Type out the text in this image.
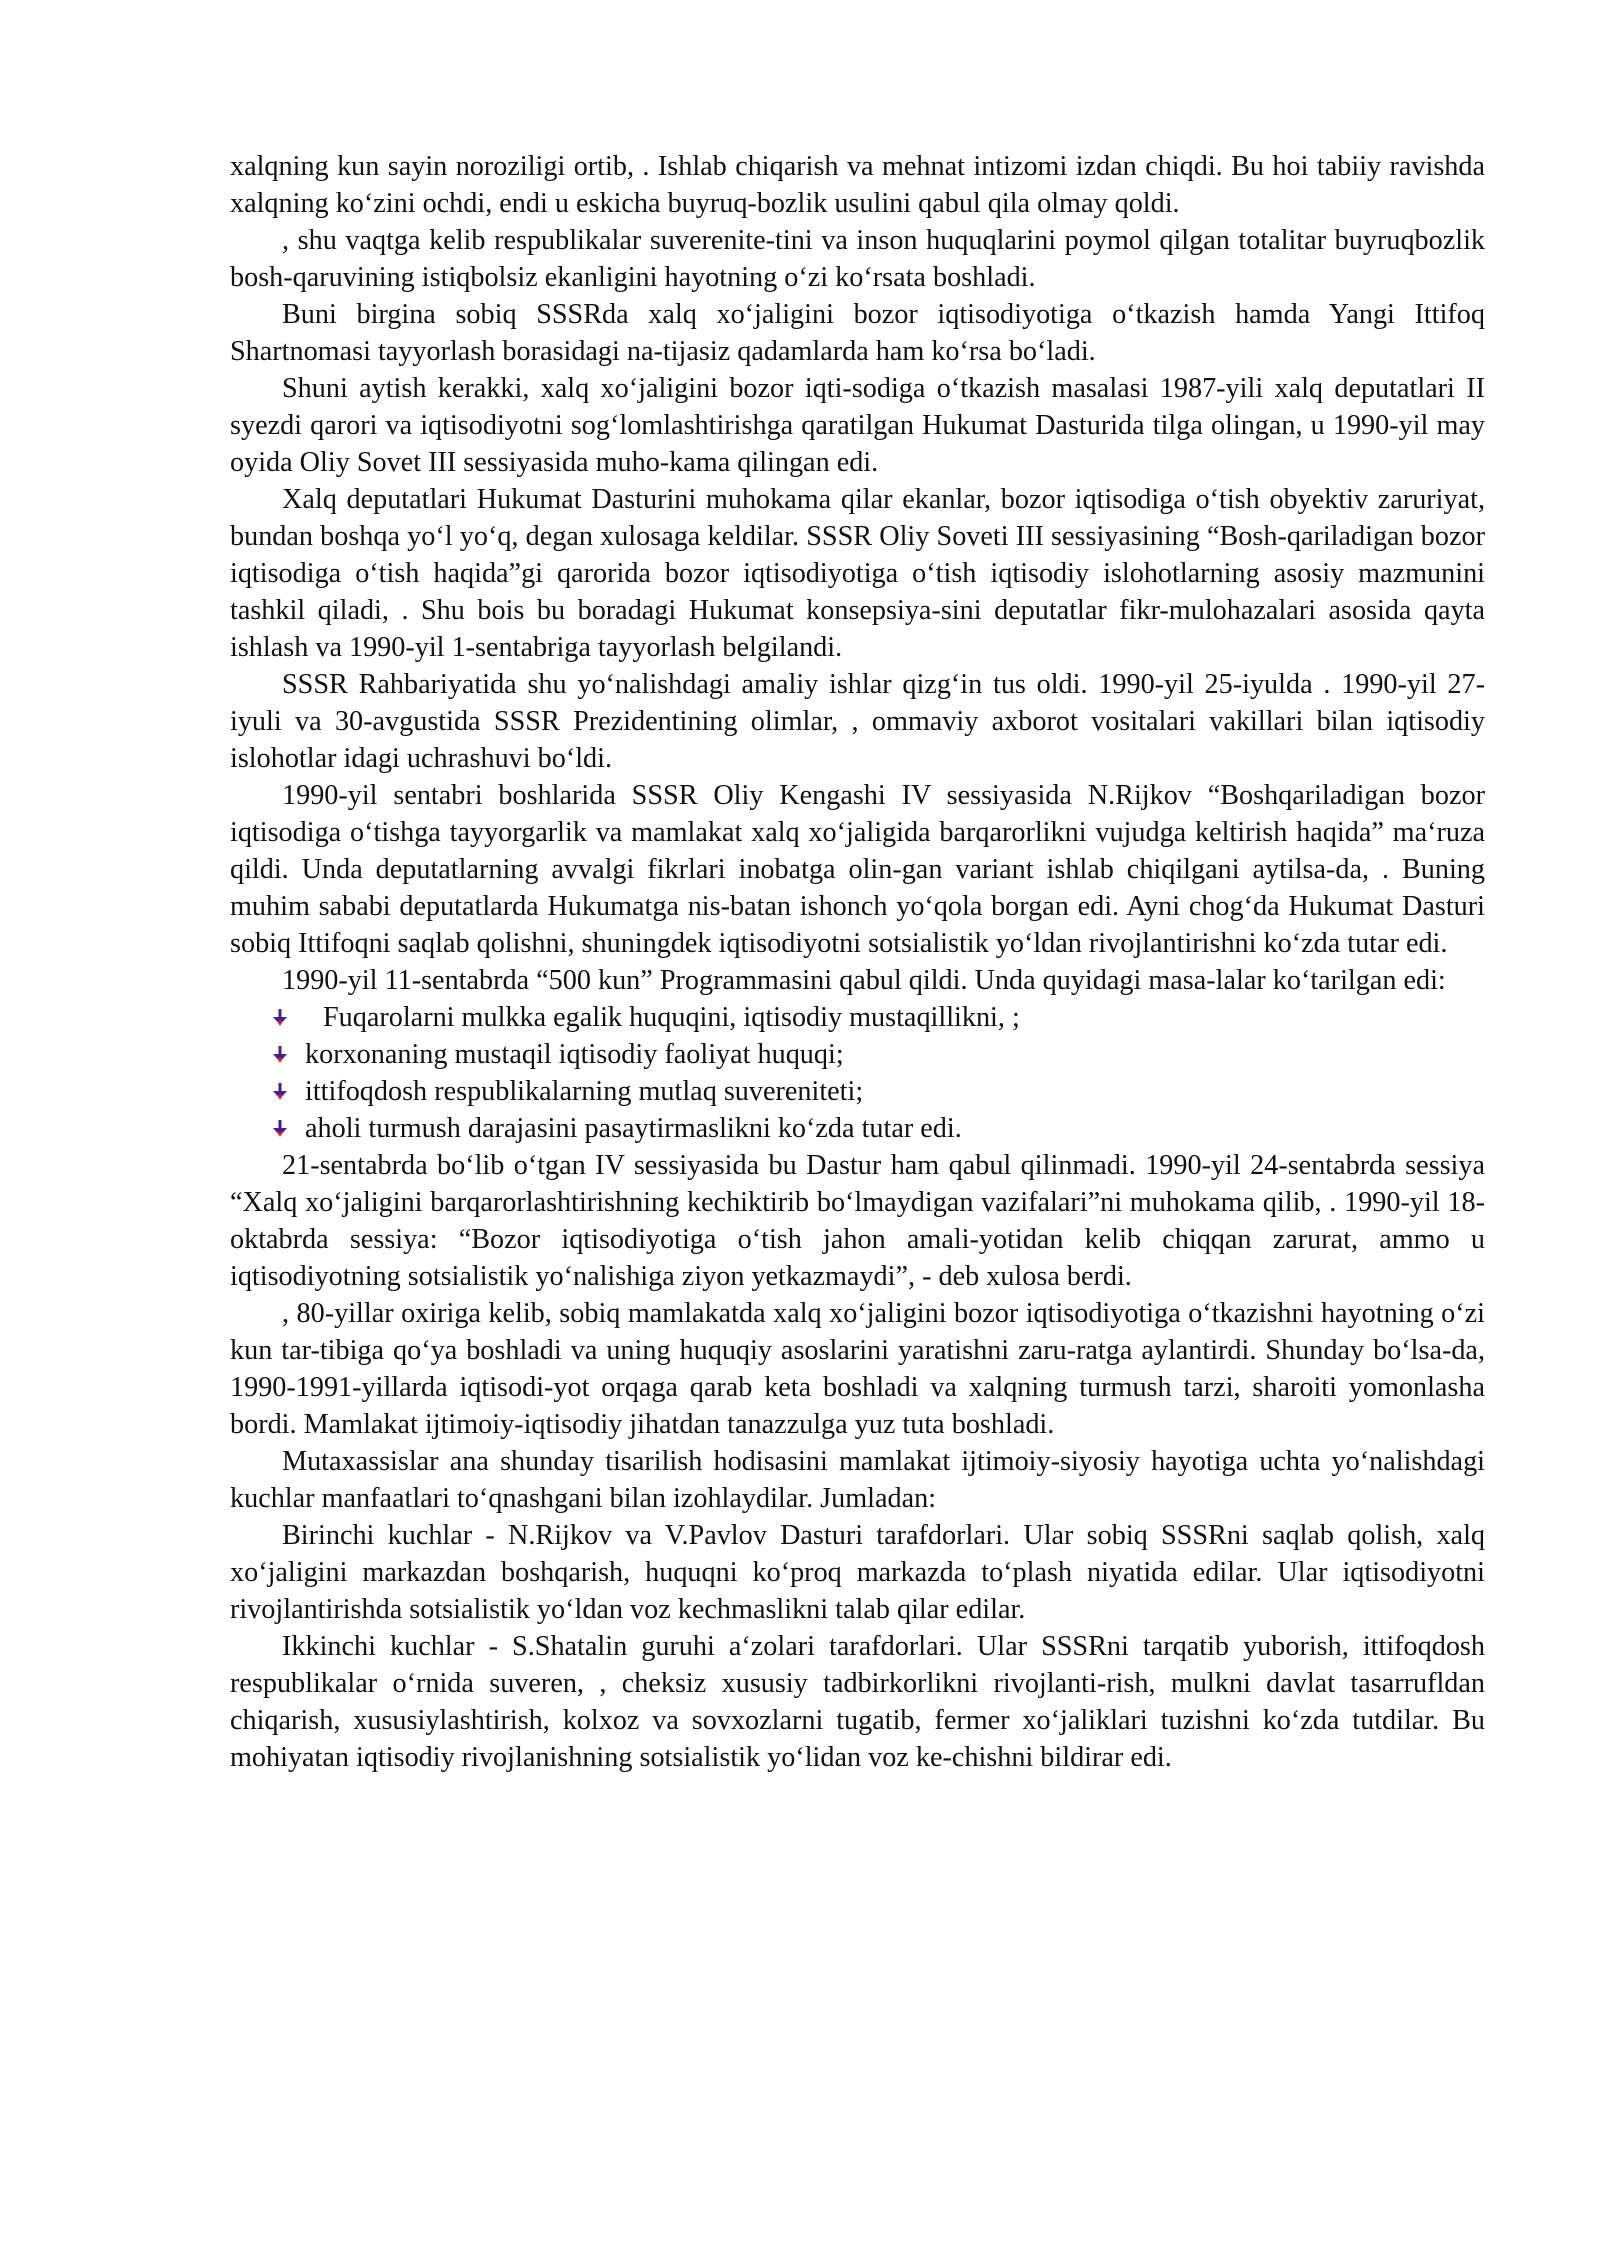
xalqning kun sayin noroziligi ortib, . Ishlab chiqarish va mehnat intizomi izdan chiqdi. Bu hoi tabiiy ravishda xalqning ko‘zini ochdi, endi u eskicha buyruq-bozlik usulini qabul qila olmay qoldi.

, shu vaqtga kelib respublikalar suverenite-tini va inson huquqlarini poymol qilgan totalitar buyruqbozlik bosh-qaruvining istiqbolsiz ekanligini hayotning o‘zi ko‘rsata boshladi.

Buni birgina sobiq SSSRda xalq xo‘jaligini bozor iqtisodiyotiga o‘tkazish hamda Yangi Ittifoq Shartnomasi tayyorlash borasidagi na-tijasiz qadamlarda ham ko‘rsa bo‘ladi.

Shuni aytish kerakki, xalq xo‘jaligini bozor iqti-sodiga o‘tkazish masalasi 1987-yili xalq deputatlari II syezdi qarori va iqtisodiyotni sog‘lomlashtirishga qaratilgan Hukumat Dasturida tilga olingan, u 1990-yil may oyida Oliy Sovet III sessiyasida muho-kama qilingan edi.

Xalq deputatlari Hukumat Dasturini muhokama qilar ekanlar, bozor iqtisodiga o‘tish obyektiv zaruriyat, bundan boshqa yo‘l yo‘q, degan xulosaga keldilar. SSSR Oliy Soveti III sessiyasining “Bosh-qariladigan bozor iqtisodiga o‘tish haqida”gi qarorida bozor iqtisodiyotiga o‘tish iqtisodiy islohotlarning asosiy mazmunini tashkil qiladi, . Shu bois bu boradagi Hukumat konsepsiya-sini deputatlar fikr-mulohazalari asosida qayta ishlash va 1990-yil 1-sentabriga tayyorlash belgilandi.

SSSR Rahbariyatida shu yo‘nalishdagi amaliy ishlar qizg‘in tus oldi. 1990-yil 25-iyulda . 1990-yil 27-iyuli va 30-avgustida SSSR Prezidentining olimlar, , ommaviy axborot vositalari vakillari bilan iqtisodiy islohotlar idagi uchrashuvi bo‘ldi.

1990-yil sentabri boshlarida SSSR Oliy Kengashi IV sessiyasida N.Rijkov “Boshqariladigan bozor iqtisodiga o‘tishga tayyorgarlik va mamlakat xalq xo‘jaligida barqarorlikni vujudga keltirish haqida” ma‘ruza qildi. Unda deputatlarning avvalgi fikrlari inobatga olin-gan variant ishlab chiqilgani aytilsa-da, . Buning muhim sababi deputatlarda Hukumatga nis-batan ishonch yo‘qola borgan edi. Ayni chog‘da Hukumat Dasturi sobiq Ittifoqni saqlab qolishni, shuningdek iqtisodiyotni sotsialistik yo‘ldan rivojlantirishni ko‘zda tutar edi.

1990-yil 11-sentabrda “500 kun” Programmasini qabul qildi. Unda quyidagi masa-lalar ko‘tarilgan edi:

Fuqarolarni mulkka egalik huquqini, iqtisodiy mustaqillikni, ;
korxonaning mustaqil iqtisodiy faoliyat huquqi;
ittifoqdosh respublikalarning mutlaq suvereniteti;
aholi turmush darajasini pasaytirmaslikni ko‘zda tutar edi.

21-sentabrda bo‘lib o‘tgan IV sessiyasida bu Dastur ham qabul qilinmadi. 1990-yil 24-sentabrda sessiya “Xalq xo‘jaligini barqarorlashtirishning kechiktirib bo‘lmaydigan vazifalari”ni muhokama qilib, . 1990-yil 18-oktabrda sessiya: “Bozor iqtisodiyotiga o‘tish jahon amali-yotidan kelib chiqqan zarurat, ammo u iqtisodiyotning sotsialistik yo‘nalishiga ziyon yetkazmaydi”, - deb xulosa berdi.

, 80-yillar oxiriga kelib, sobiq mamlakatda xalq xo‘jaligini bozor iqtisodiyotiga o‘tkazishni hayotning o‘zi kun tar-tibiga qo‘ya boshladi va uning huquqiy asoslarini yaratishni zaru-ratga aylantirdi. Shunday bo‘lsa-da, 1990-1991-yillarda iqtisodi-yot orqaga qarab keta boshladi va xalqning turmush tarzi, sharoiti yomonlasha bordi. Mamlakat ijtimoiy-iqtisodiy jihatdan tanazzulga yuz tuta boshladi.

Mutaxassislar ana shunday tisarilish hodisasini mamlakat ijtimoiy-siyosiy hayotiga uchta yo‘nalishdagi kuchlar manfaatlari to‘qnashgani bilan izohlaydilar. Jumladan:

Birinchi kuchlar - N.Rijkov va V.Pavlov Dasturi tarafdorlari. Ular sobiq SSSRni saqlab qolish, xalq xo‘jaligini markazdan boshqarish, huquqni ko‘proq markazda to‘plash niyatida edilar. Ular iqtisodiyotni rivojlantirishda sotsialistik yo‘ldan voz kechmaslikni talab qilar edilar.

Ikkinchi kuchlar - S.Shatalin guruhi a‘zolari tarafdorlari. Ular SSSRni tarqatib yuborish, ittifoqdosh respublikalar o‘rnida suveren, , cheksiz xususiy tadbirkorlikni rivojlanti-rish, mulkni davlat tasarrufldan chiqarish, xususiylashtirish, kolxoz va sovxozlarni tugatib, fermer xo‘jaliklari tuzishni ko‘zda tutdilar. Bu mohiyatan iqtisodiy rivojlanishning sotsialistik yo‘lidan voz ke-chishni bildirar edi.
